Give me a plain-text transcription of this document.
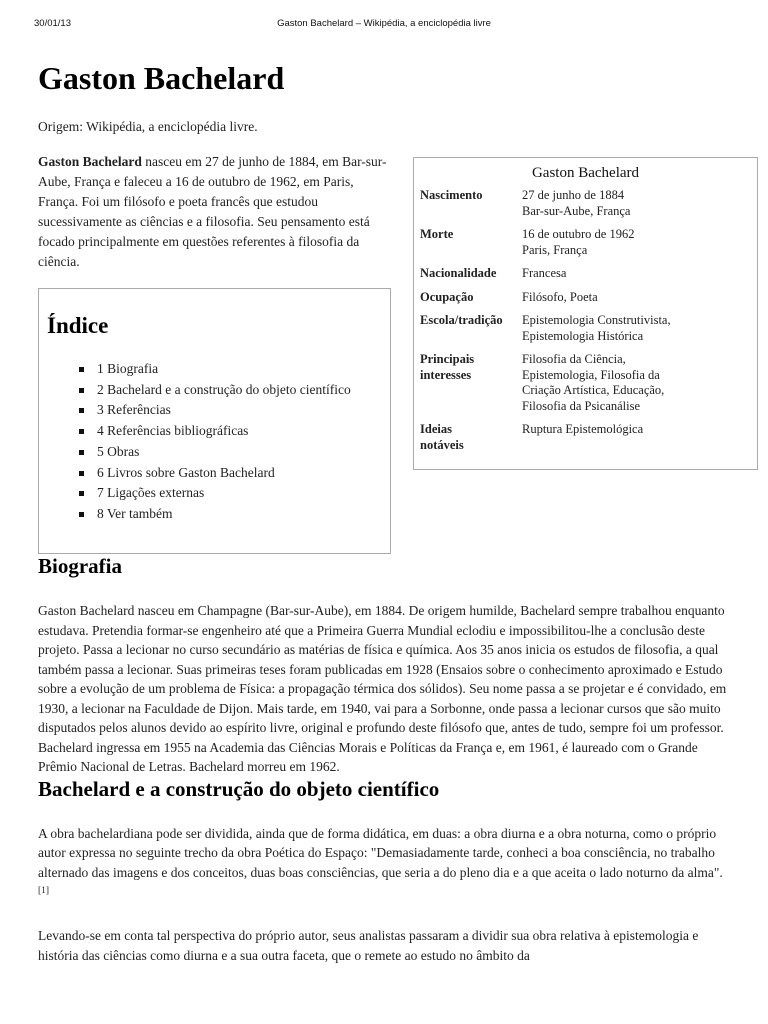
30/01/13	Gaston Bachelard – Wikipédia, a enciclopédia livre
Gaston Bachelard
Origem: Wikipédia, a enciclopédia livre.
Gaston Bachelard
Nascimento	27 de junho de 1884
Bar-sur-Aube, França
Morte	16 de outubro de 1962
Paris, França
Nacionalidade	Francesa
Ocupação	Filósofo, Poeta
Escola/tradição	Epistemologia Construtivista,
Epistemologia Histórica
Principais
interesses	Filosofia da Ciência,
Epistemologia, Filosofia da
Criação Artística, Educação,
Filosofia da Psicanálise
Ideias
notáveis	Ruptura Epistemológica
Gaston Bachelard nasceu em 27 de junho de 1884, em Bar-sur-Aube, França e faleceu a 16 de outubro de 1962, em Paris, França. Foi um filósofo e poeta francês que estudou sucessivamente as ciências e a filosofia. Seu pensamento está focado principalmente em questões referentes à filosofia da ciência.
Índice
1 Biografia
2 Bachelard e a construção do objeto científico
3 Referências
4 Referências bibliográficas
5 Obras
6 Livros sobre Gaston Bachelard
7 Ligações externas
8 Ver também
Biografia

Gaston Bachelard nasceu em Champagne (Bar-sur-Aube), em 1884. De origem humilde, Bachelard sempre trabalhou enquanto estudava. Pretendia formar-se engenheiro até que a Primeira Guerra Mundial eclodiu e impossibilitou-lhe a conclusão deste projeto. Passa a lecionar no curso secundário as matérias de física e química. Aos 35 anos inicia os estudos de filosofia, a qual também passa a lecionar. Suas primeiras teses foram publicadas em 1928 (Ensaios sobre o conhecimento aproximado e Estudo sobre a evolução de um problema de Física: a propagação térmica dos sólidos). Seu nome passa a se projetar e é convidado, em 1930, a lecionar na Faculdade de Dijon. Mais tarde, em 1940, vai para a Sorbonne, onde passa a lecionar cursos que são muito disputados pelos alunos devido ao espírito livre, original e profundo deste filósofo que, antes de tudo, sempre foi um professor. Bachelard ingressa em 1955 na Academia das Ciências Morais e Políticas da França e, em 1961, é laureado com o Grande Prêmio Nacional de Letras. Bachelard morreu em 1962.

Bachelard e a construção do objeto científico

A obra bachelardiana pode ser dividida, ainda que de forma didática, em duas: a obra diurna e a obra noturna, como o próprio autor expressa no seguinte trecho da obra Poética do Espaço: "Demasiadamente tarde, conheci a boa consciência, no trabalho alternado das imagens e dos conceitos, duas boas consciências, que seria a do pleno dia e a que aceita o lado noturno da alma".[1]

Levando-se em conta tal perspectiva do próprio autor, seus analistas passaram a dividir sua obra relativa à epistemologia e história das ciências como diurna e a sua outra faceta, que o remete ao estudo no âmbito da
